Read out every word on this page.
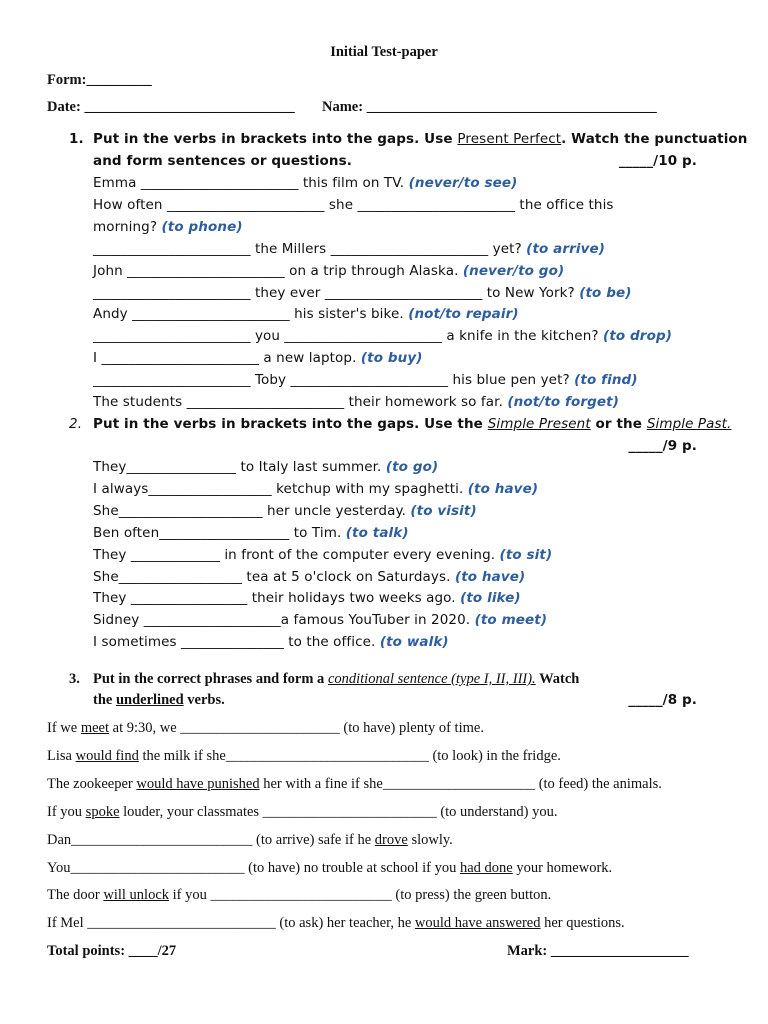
Initial Test-paper

Form:_________

Date: _____________________________ Name: ________________________________________

1. Put in the verbs in brackets into the gaps. Use Present Perfect. Watch the punctuation

and form sentences or questions.	_____/10 p.

Emma _______________________ this film on TV. (never/to see)

How often _______________________ she _______________________ the office this

morning? (to phone)

_______________________ the Millers _______________________ yet? (to arrive)

John _______________________ on a trip through Alaska. (never/to go)

_______________________ they ever _______________________ to New York? (to be)

Andy _______________________ his sister's bike. (not/to repair)

_______________________ you _______________________ a knife in the kitchen? (to drop)

I _______________________ a new laptop. (to buy)

_______________________ Toby _______________________ his blue pen yet? (to find)

The students _______________________ their homework so far. (not/to forget)

2. Put in the verbs in brackets into the gaps. Use the Simple Present or the Simple Past.

_____/9 p.

They________________ to Italy last summer. (to go)

I always__________________ ketchup with my spaghetti. (to have)

She_____________________ her uncle yesterday. (to visit)

Ben often___________________ to Tim. (to talk)

They _____________ in front of the computer every evening. (to sit)

She__________________ tea at 5 o'clock on Saturdays. (to have)

They _________________ their holidays two weeks ago. (to like)

Sidney ____________________a famous YouTuber in 2020. (to meet)

I sometimes _______________ to the office. (to walk)

3. Put in the correct phrases and form a conditional sentence (type I, II, III). Watch

the underlined verbs.	_____/8 p.

If we meet at 9:30, we ______________________ (to have) plenty of time.

Lisa would find the milk if she____________________________ (to look) in the fridge.

The zookeeper would have punished her with a fine if she_____________________ (to feed) the animals.

If you spoke louder, your classmates ________________________ (to understand) you.

Dan_________________________ (to arrive) safe if he drove slowly.

You________________________ (to have) no trouble at school if you had done your homework.

The door will unlock if you _________________________ (to press) the green button.

If Mel __________________________ (to ask) her teacher, he would have answered her questions.

Total points: ____/27	Mark: ___________________
